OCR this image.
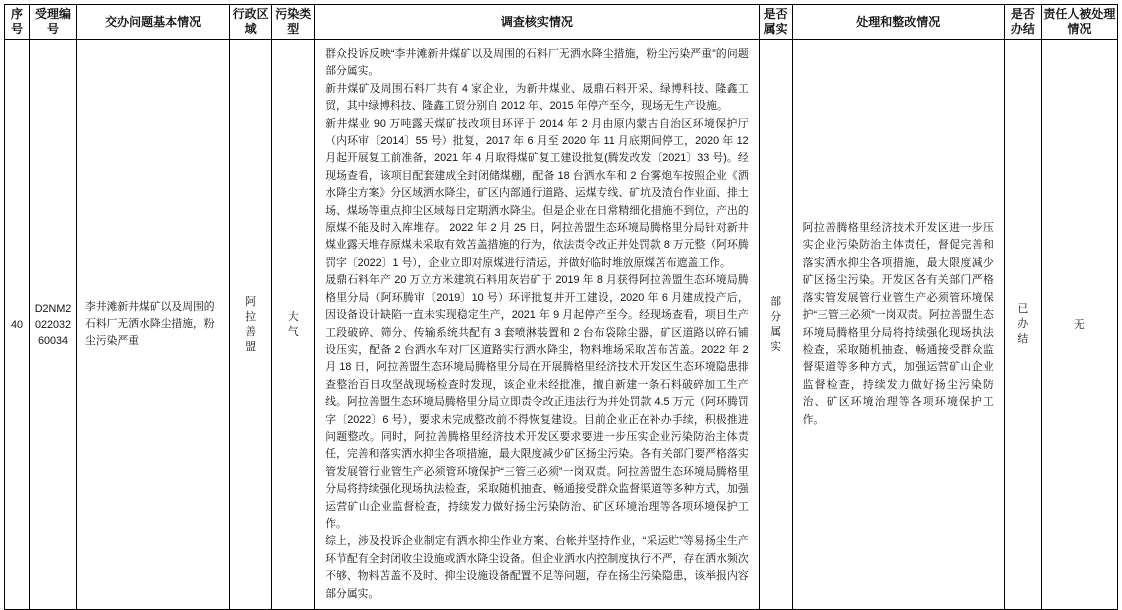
序号	受理编号	交办问题基本情况	行政区域	污染类型	调查核实情况	是否属实	处理和整改情况	是否办结	责任人被处理情况
40	D2NM202203260034	李井滩新井煤矿以及周围的石料厂无洒水降尘措施，粉尘污染严重	阿拉善盟	大气	群众投诉反映“李井滩新井煤矿以及周围的石料厂无洒水降尘措施，粉尘污染严重”的问题部分属实。

新井煤矿及周围石料厂共有 4 家企业，为新井煤业、晟鼎石料开采、绿博科技、隆鑫工贸，其中绿博科技、隆鑫工贸分别自 2012 年、2015 年停产至今，现场无生产设施。

新井煤业 90 万吨露天煤矿技改项目环评于 2014 年 2 月由原内蒙古自治区环境保护厅（内环审〔2014〕55 号）批复，2017 年 6 月至 2020 年 11 月底期间停工，2020 年 12 月起开展复工前准备，2021 年 4 月取得煤矿复工建设批复(腾发改发〔2021〕33 号)。经现场查看，该项目配套建成全封闭储煤棚，配备 18 台洒水车和 2 台雾炮车按照企业《洒水降尘方案》分区域洒水降尘，矿区内部通行道路、运煤专线、矿坑及渣台作业面、排土场、煤场等重点抑尘区域每日定期洒水降尘。但是企业在日常精细化措施不到位，产出的原煤不能及时入库堆存。 2022 年 2 月 25 日，阿拉善盟生态环境局腾格里分局针对新井煤业露天堆存原煤未采取有效苫盖措施的行为，依法责令改正并处罚款 8 万元整（阿环腾罚字〔2022〕1 号），企业立即对原煤进行清运，并做好临时堆放原煤苫布遮盖工作。

晟鼎石料年产 20 万立方米建筑石料用灰岩矿于 2019 年 8 月获得阿拉善盟生态环境局腾格里分局（阿环腾审〔2019〕10 号）环评批复并开工建设，2020 年 6 月建成投产后，因设备设计缺陷一直未实现稳定生产，2021 年 9 月起停产至今。经现场查看，项目生产工段破碎、筛分、传输系统共配有 3 套喷淋装置和 2 台布袋除尘器，矿区道路以碎石铺设压实，配备 2 台洒水车对厂区道路实行洒水降尘，物料堆场采取苫布苫盖。2022 年 2 月 18 日，阿拉善盟生态环境局腾格里分局在开展腾格里经济技术开发区生态环境隐患排查整治百日攻坚战现场检查时发现，该企业未经批准，擅自新建一条石料破碎加工生产线。阿拉善盟生态环境局腾格里分局立即责令改正违法行为并处罚款 4.5 万元（阿环腾罚字〔2022〕6 号），要求未完成整改前不得恢复建设。目前企业正在补办手续，积极推进问题整改。同时，阿拉善腾格里经济技术开发区要求要进一步压实企业污染防治主体责任，完善和落实洒水抑尘各项措施，最大限度减少矿区扬尘污染。各有关部门要严格落实管发展管行业管生产必须管环境保护“三管三必须”一岗双责。阿拉善盟生态环境局腾格里分局将持续强化现场执法检查，采取随机抽查、畅通接受群众监督渠道等多种方式，加强运营矿山企业监督检查，持续发力做好扬尘污染防治、矿区环境治理等各项环境保护工作。

综上，涉及投诉企业制定有洒水抑尘作业方案、台帐并坚持作业，“采运贮”等易扬尘生产环节配有全封闭收尘设施或洒水降尘设备。但企业洒水内控制度执行不严，存在洒水频次不够、物料苫盖不及时、抑尘设施设备配置不足等问题，存在扬尘污染隐患，该举报内容部分属实。	部分属实	阿拉善腾格里经济技术开发区进一步压实企业污染防治主体责任，督促完善和落实洒水抑尘各项措施，最大限度减少矿区扬尘污染。开发区各有关部门严格落实管发展管行业管生产必须管环境保护“三管三必须”一岗双责。阿拉善盟生态环境局腾格里分局将持续强化现场执法检查，采取随机抽查、畅通接受群众监督渠道等多种方式，加强运营矿山企业监督检查，持续发力做好扬尘污染防治、矿区环境治理等各项环境保护工作。	已办结	无
